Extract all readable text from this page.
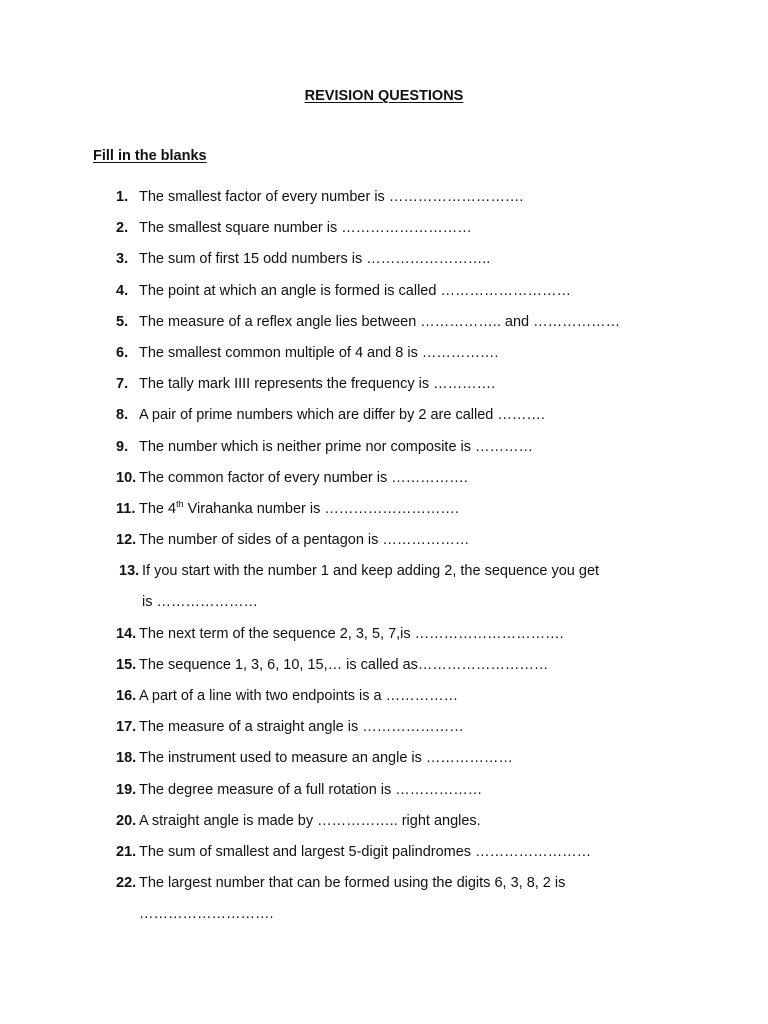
REVISION QUESTIONS
Fill in the blanks
1. The smallest factor of every number is ……………………….
2. The smallest square number is ………………………
3. The sum of first 15 odd numbers is ……………………..
4. The point at which an angle is formed is called ………………………
5. The measure of a reflex angle lies between …………….. and ………………
6. The smallest common multiple of 4 and 8 is …………….
7. The tally mark IIII represents the frequency is ………….
8. A pair of prime numbers which are differ by 2 are called ……….
9. The number which is neither prime nor composite is …………
10. The common factor of every number is …………….
11. The 4th Virahanka number is ……………………….
12. The number of sides of a pentagon is ………………
13. If you start with the number 1 and keep adding 2, the sequence you get
is …………………
14. The next term of the sequence 2, 3, 5, 7,is ………………………….
15. The sequence 1, 3, 6, 10, 15,… is called as………………………
16. A part of a line with two endpoints is a ……………
17. The measure of a straight angle is …………………
18. The instrument used to measure an angle is ………………
19. The degree measure of a full rotation is ………………
20. A straight angle is made by …………….. right angles.
21. The sum of smallest and largest 5-digit palindromes ……………………
22. The largest number that can be formed using the digits 6, 3, 8, 2 is
……………………….
